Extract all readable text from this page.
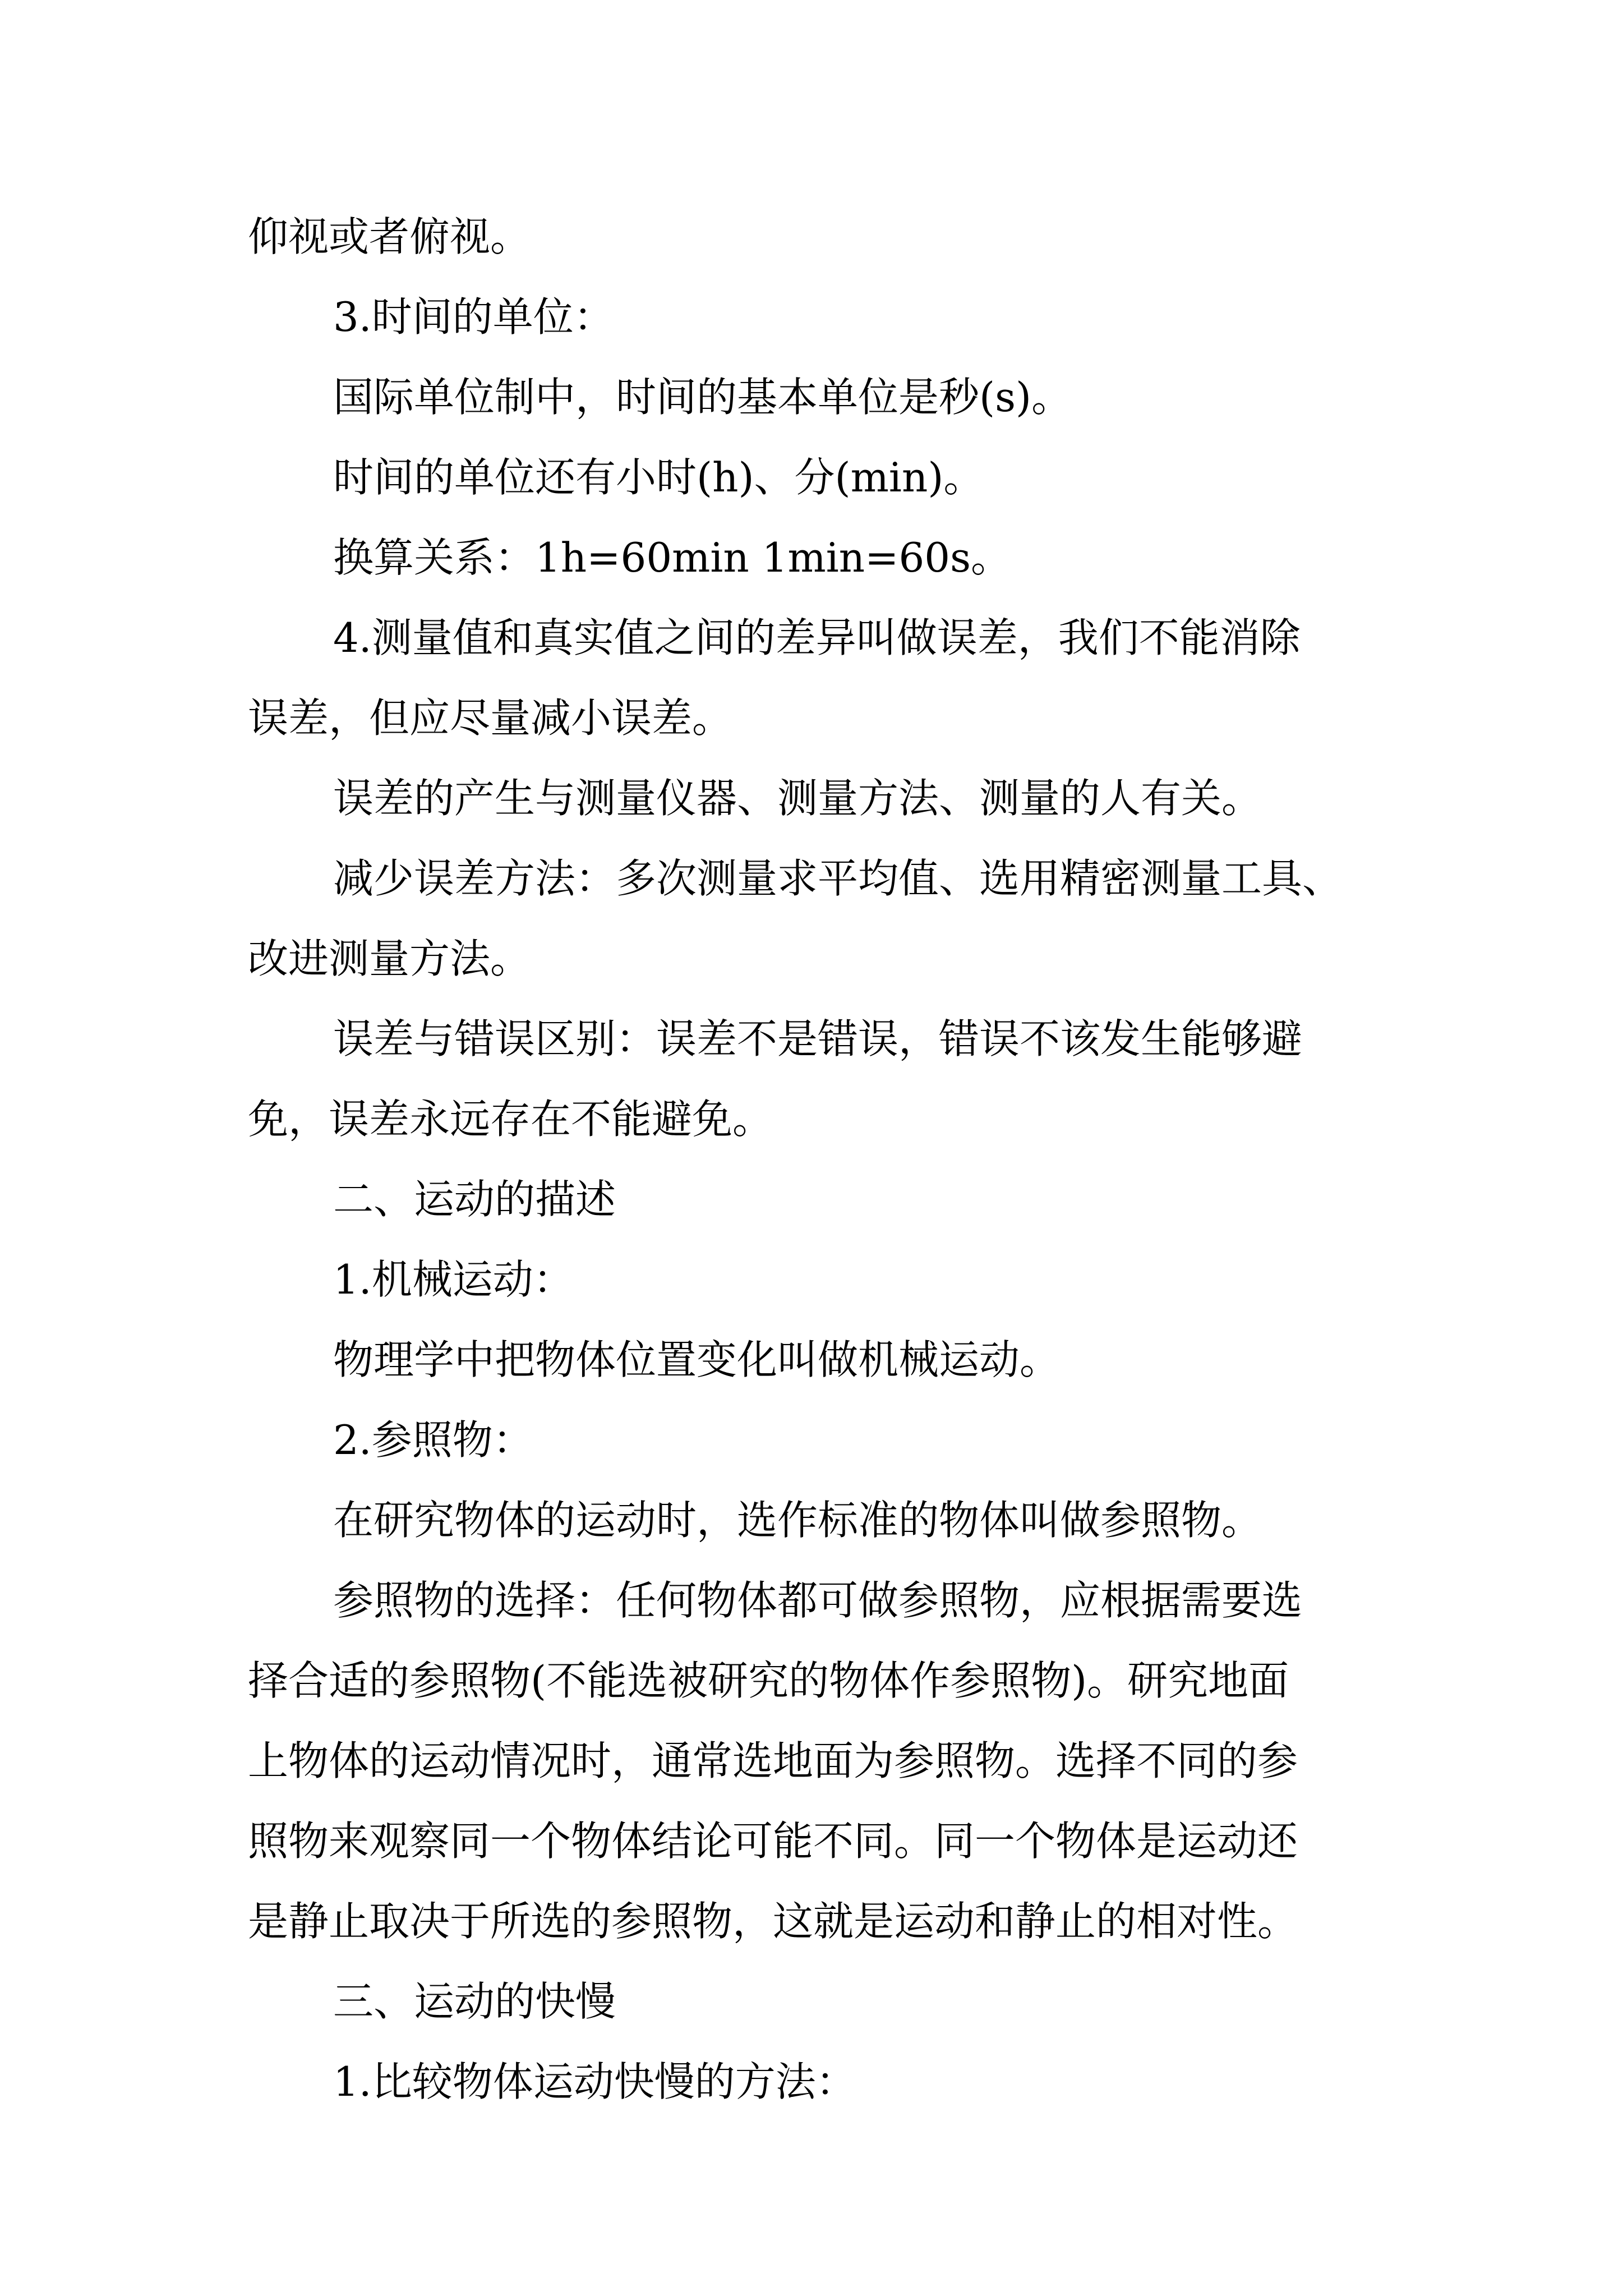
仰视或者俯视。
3.时间的单位：
国际单位制中，时间的基本单位是秒(s)。
时间的单位还有小时(h)、分(min)。
换算关系：1h=60min 1min=60s。
4.测量值和真实值之间的差异叫做误差，我们不能消除
误差，但应尽量减小误差。
误差的产生与测量仪器、测量方法、测量的人有关。
减少误差方法：多次测量求平均值、选用精密测量工具、
改进测量方法。
误差与错误区别：误差不是错误，错误不该发生能够避
免，误差永远存在不能避免。
二、运动的描述
1.机械运动：
物理学中把物体位置变化叫做机械运动。
2.参照物：
在研究物体的运动时，选作标准的物体叫做参照物。
参照物的选择：任何物体都可做参照物，应根据需要选
择合适的参照物(不能选被研究的物体作参照物)。研究地面
上物体的运动情况时，通常选地面为参照物。选择不同的参
照物来观察同一个物体结论可能不同。同一个物体是运动还
是静止取决于所选的参照物，这就是运动和静止的相对性。
三、运动的快慢
1.比较物体运动快慢的方法：
